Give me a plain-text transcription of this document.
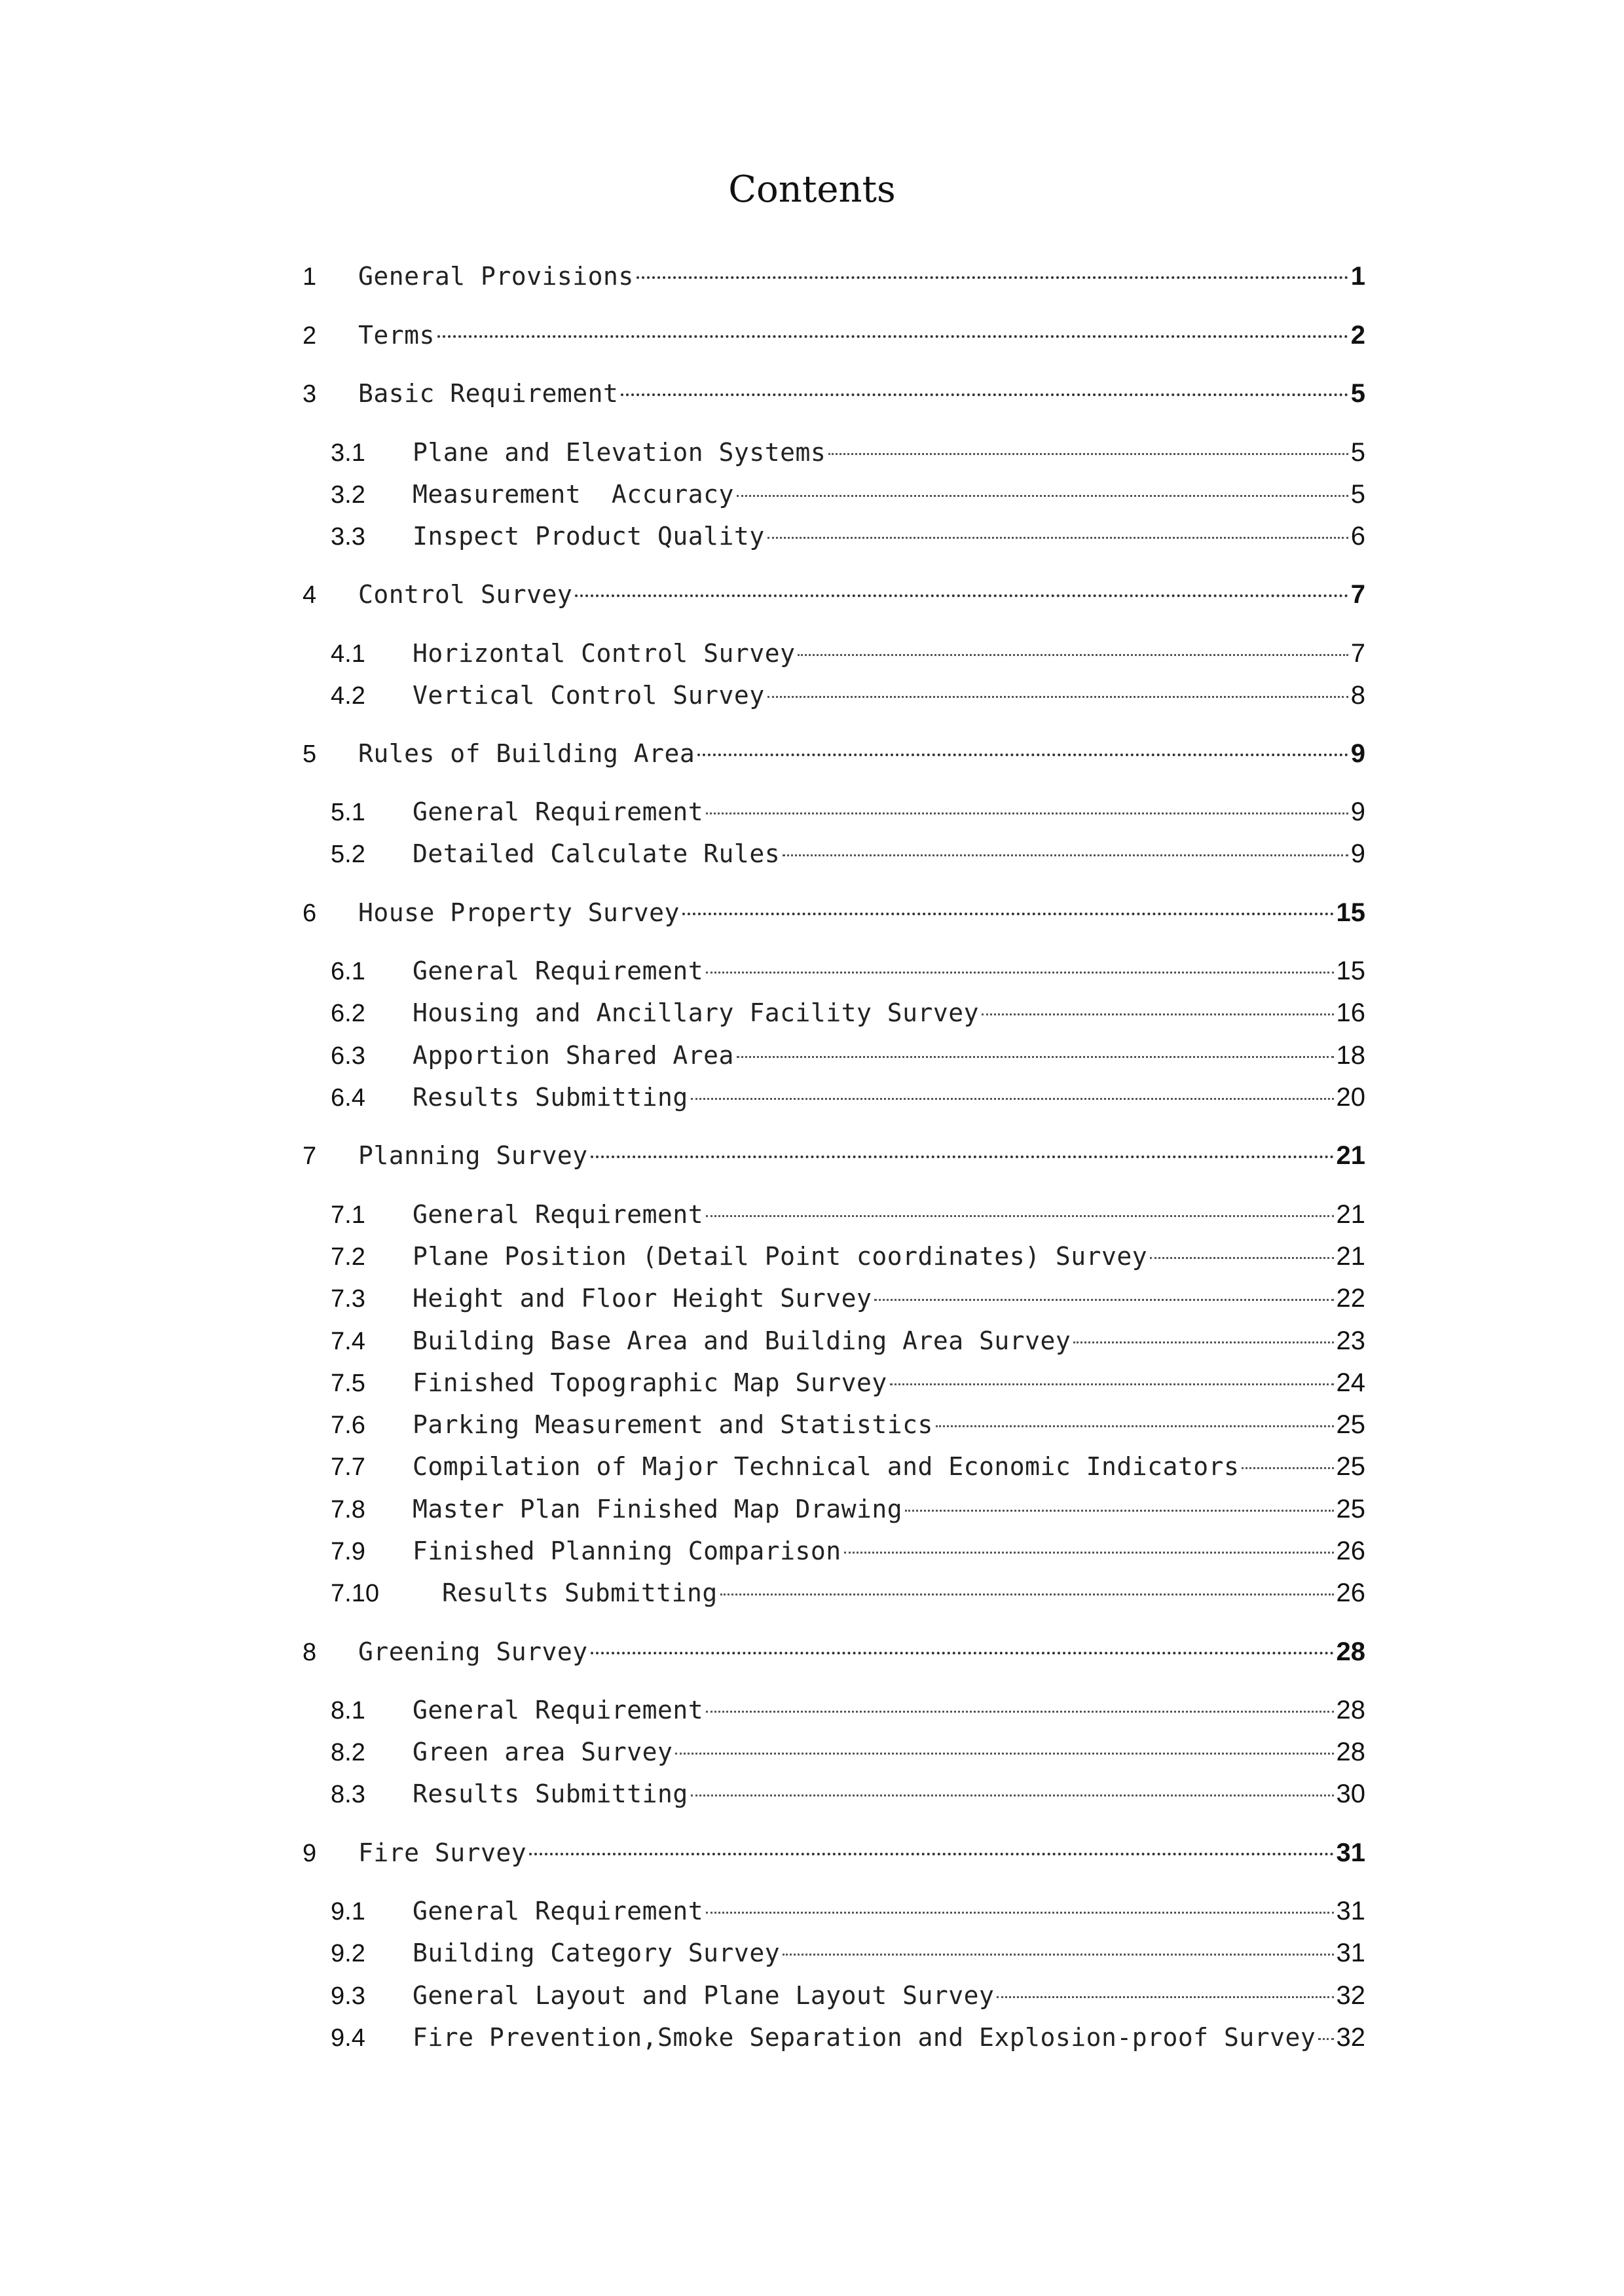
Contents
1	General Provisions	1
2	Terms	2
3	Basic Requirement	5
3.1	Plane and Elevation Systems	5
3.2	Measurement  Accuracy	5
3.3	Inspect Product Quality	6
4	Control Survey	7
4.1	Horizontal Control Survey	7
4.2	Vertical Control Survey	8
5	Rules of Building Area	9
5.1	General Requirement	9
5.2	Detailed Calculate Rules	9
6	House Property Survey	15
6.1	General Requirement	15
6.2	Housing and Ancillary Facility Survey	16
6.3	Apportion Shared Area	18
6.4	Results Submitting	20
7	Planning Survey	21
7.1	General Requirement	21
7.2	Plane Position (Detail Point coordinates) Survey	21
7.3	Height and Floor Height Survey	22
7.4	Building Base Area and Building Area Survey	23
7.5	Finished Topographic Map Survey	24
7.6	Parking Measurement and Statistics	25
7.7	Compilation of Major Technical and Economic Indicators	25
7.8	Master Plan Finished Map Drawing	25
7.9	Finished Planning Comparison	26
7.10	Results Submitting	26
8	Greening Survey	28
8.1	General Requirement	28
8.2	Green area Survey	28
8.3	Results Submitting	30
9	Fire Survey	31
9.1	General Requirement	31
9.2	Building Category Survey	31
9.3	General Layout and Plane Layout Survey	32
9.4	Fire Prevention,Smoke Separation and Explosion-proof Survey 32
